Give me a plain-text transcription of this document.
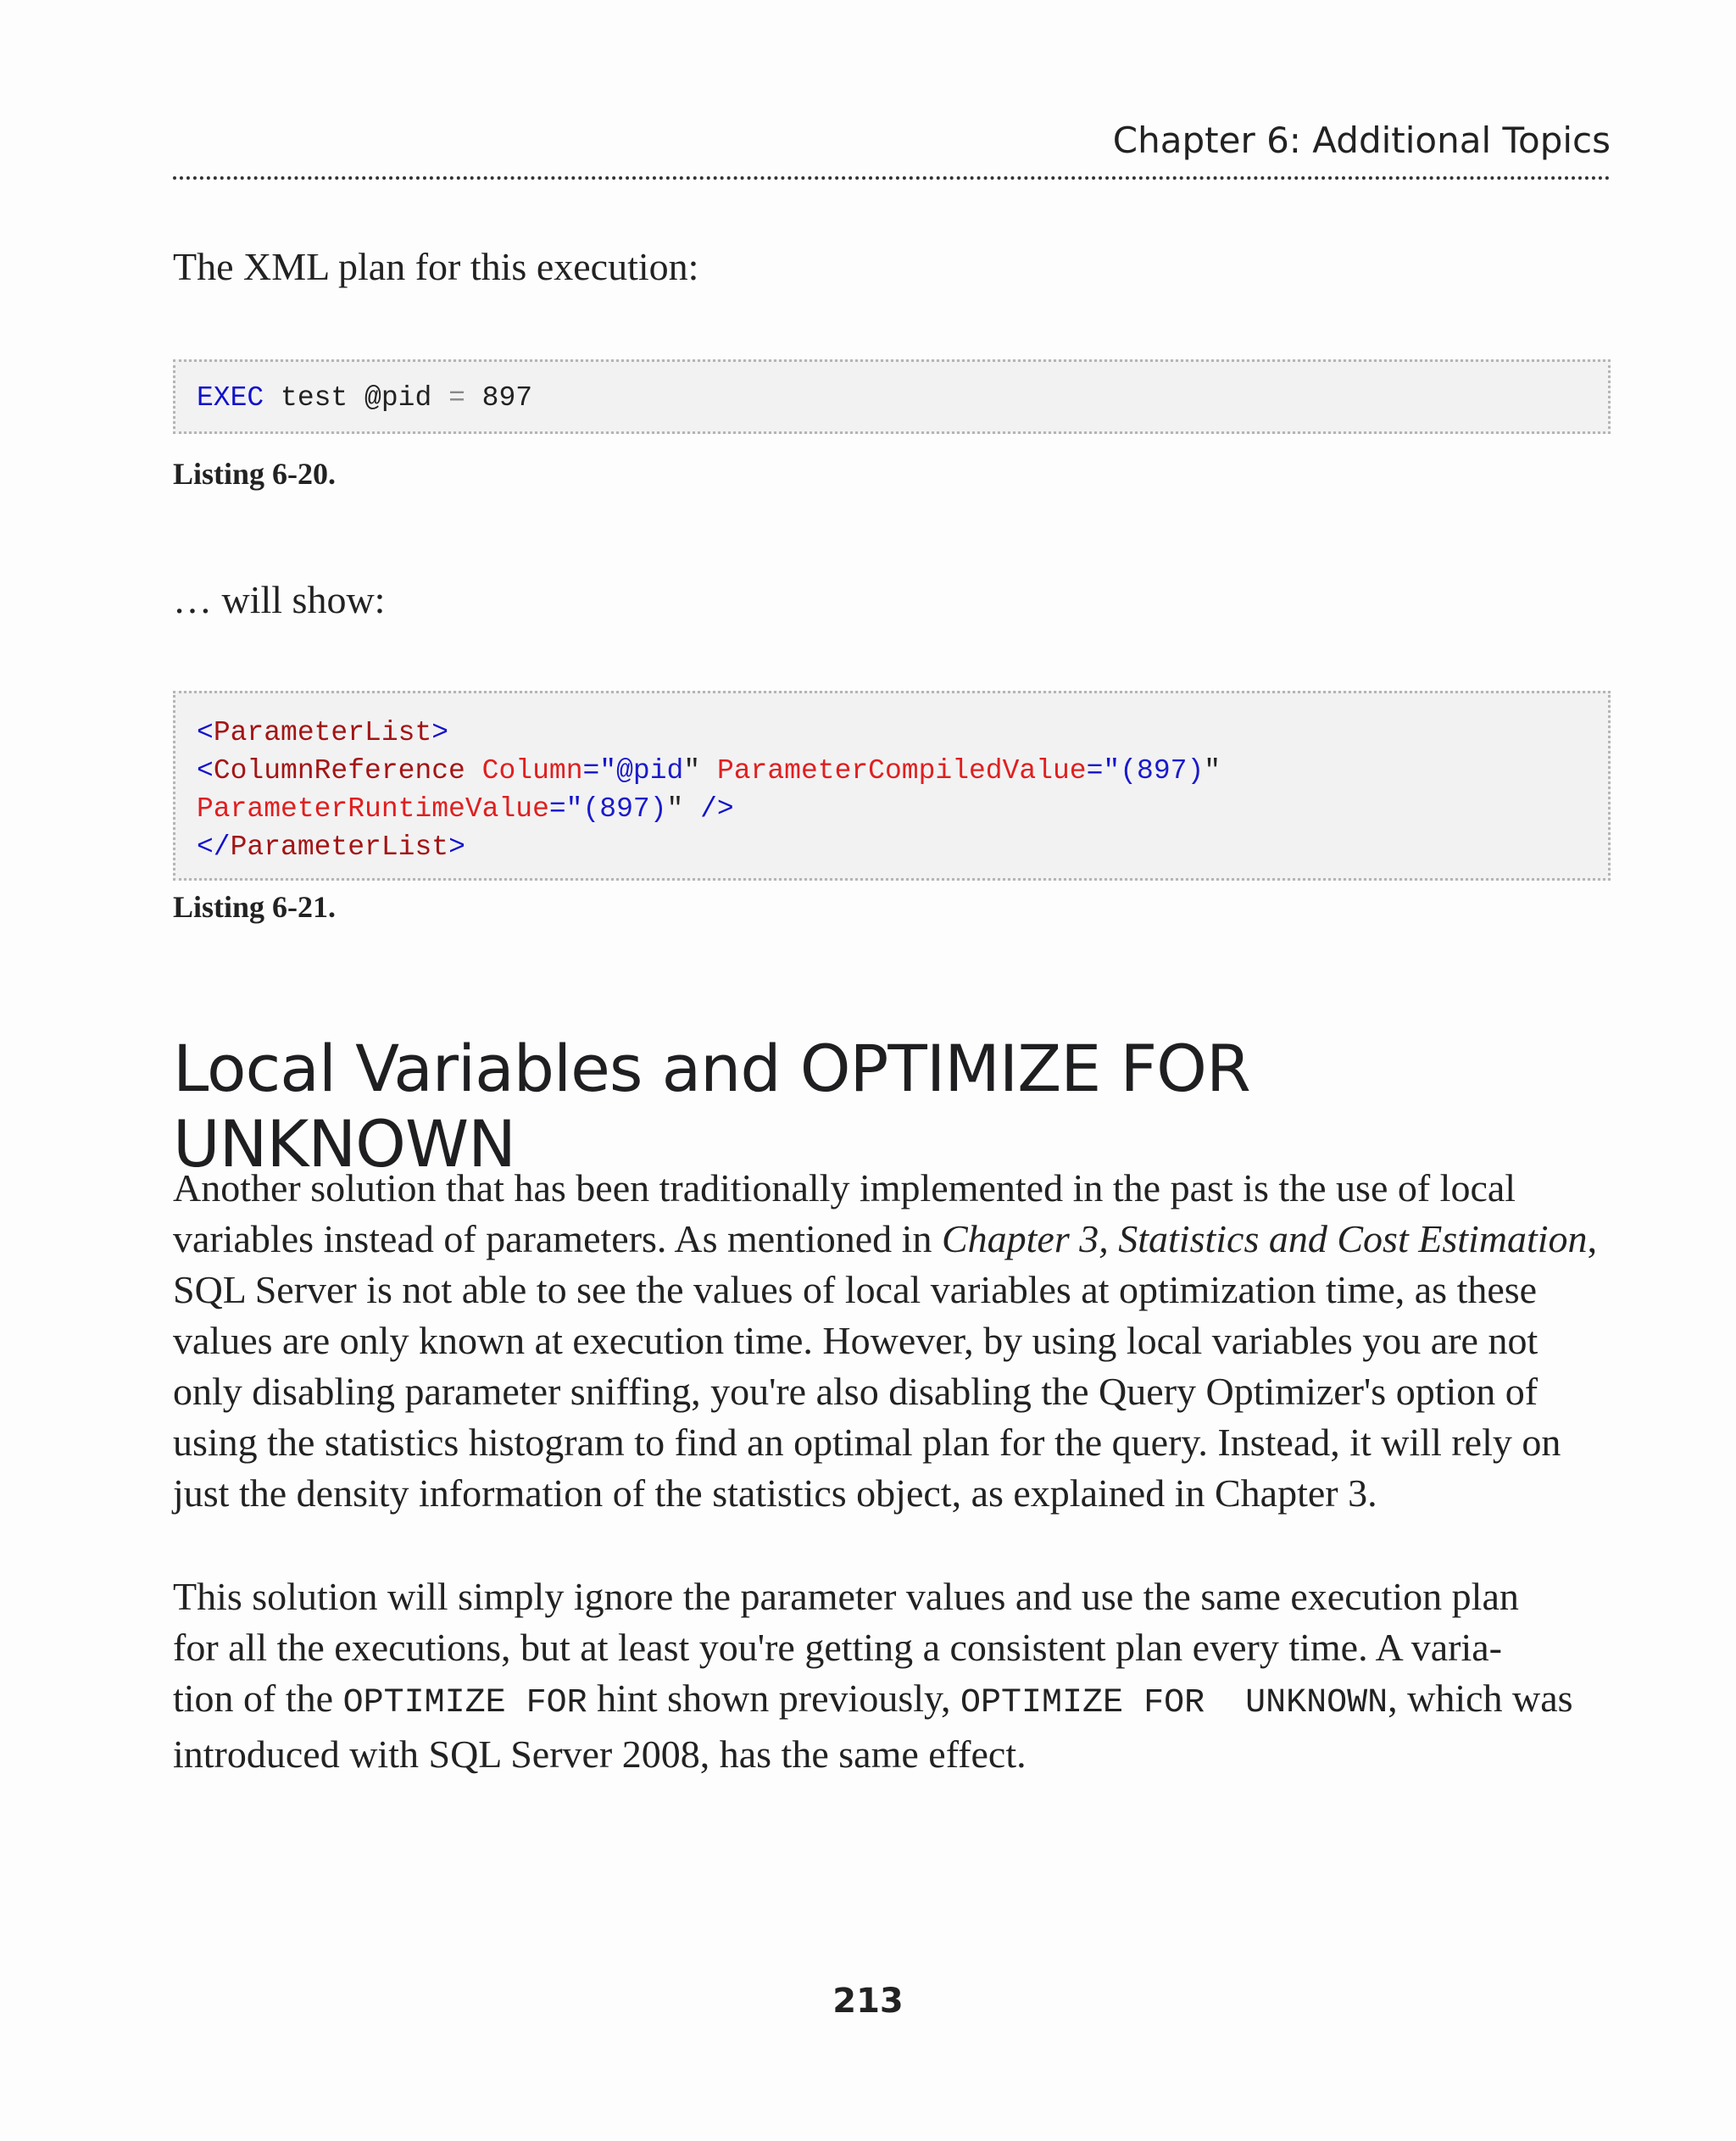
Chapter 6: Additional Topics

The XML plan for this execution:

EXEC test @pid = 897
Listing 6-20.

… will show:

<ParameterList>
<ColumnReference Column="@pid" ParameterCompiledValue="(897)"
ParameterRuntimeValue="(897)" />
</ParameterList>
Listing 6-21.
Local Variables and OPTIMIZE FOR UNKNOWN
Another solution that has been traditionally implemented in the past is the use of local
variables instead of parameters. As mentioned in Chapter 3, Statistics and Cost Estimation,
SQL Server is not able to see the values of local variables at optimization time, as these
values are only known at execution time. However, by using local variables you are not
only disabling parameter sniffing, you're also disabling the Query Optimizer's option of
using the statistics histogram to find an optimal plan for the query. Instead, it will rely on
just the density information of the statistics object, as explained in Chapter 3.
This solution will simply ignore the parameter values and use the same execution plan
for all the executions, but at least you're getting a consistent plan every time. A varia-
tion of the OPTIMIZE FOR hint shown previously, OPTIMIZE FOR  UNKNOWN, which was
introduced with SQL Server 2008, has the same effect.
213
